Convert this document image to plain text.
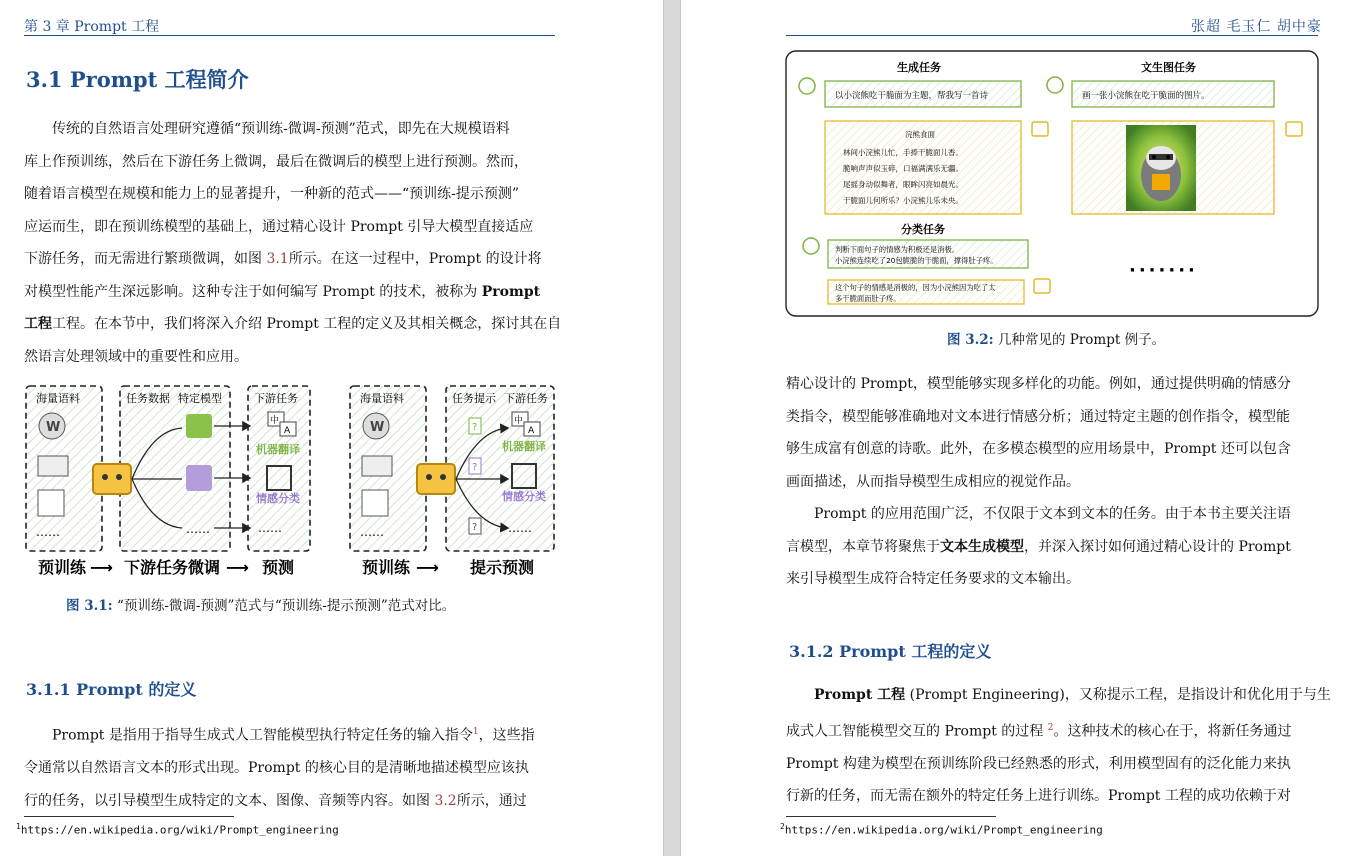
第 3 章 Prompt 工程
3.1 Prompt 工程简介
传统的自然语言处理研究遵循“预训练-微调-预测”范式，即先在大规模语料
库上作预训练，然后在下游任务上微调，最后在微调后的模型上进行预测。然而，
随着语言模型在规模和能力上的显著提升，一种新的范式——“预训练-提示预测”
应运而生，即在预训练模型的基础上，通过精心设计 Prompt 引导大模型直接适应
下游任务，而无需进行繁琐微调，如图 3.1所示。在这一过程中，Prompt 的设计将
对模型性能产生深远影响。这种专注于如何编写 Prompt 的技术，被称为 Prompt
工程工程。在本节中，我们将深入介绍 Prompt 工程的定义及其相关概念，探讨其在自
然语言处理领域中的重要性和应用。
海量语料	任务数据 特定模型	下游任务
W
……	……
中
A
机器翻译
情感分类
……
海量语料	任务提示 下游任务
W
……
?
?
?
中
A
机器翻译
情感分类
……
预训练 ⟶ 下游任务微调 ⟶ 预测	预训练 ⟶ 提示预测
图 3.1: “预训练-微调-预测”范式与“预训练-提示预测”范式对比。
3.1.1 Prompt 的定义
Prompt 是指用于指导生成式人工智能模型执行特定任务的输入指令$^1$，这些指
令通常以自然语言文本的形式出现。Prompt 的核心目的是清晰地描述模型应该执
行的任务，以引导模型生成特定的文本、图像、音频等内容。如图 3.2所示，通过
$^1$https://en.wikipedia.org/wiki/Prompt_engineering
张超 毛玉仁 胡中豪
生成任务	文生图任务
以小浣熊吃干脆面为主题，帮我写一首诗
浣熊食面
林间小浣熊儿忙，手捧干脆面儿香。
脆响声声似玉碎，口福满满乐无疆。
尾摇身动似舞者，眼眸闪亮如晨光。
干脆面儿何所乐？小浣熊儿乐未央。
画一张小浣熊在吃干脆面的图片。
分类任务
判断下面句子的情感为积极还是消极。
小浣熊连续吃了20包脆脆的干脆面，撑得肚子疼。
这个句子的情感是消极的，因为小浣熊因为吃了太
多干脆面而肚子疼。
·······
图 3.2: 几种常见的 Prompt 例子。
精心设计的 Prompt，模型能够实现多样化的功能。例如，通过提供明确的情感分
类指令，模型能够准确地对文本进行情感分析；通过特定主题的创作指令，模型能
够生成富有创意的诗歌。此外，在多模态模型的应用场景中，Prompt 还可以包含
画面描述，从而指导模型生成相应的视觉作品。
Prompt 的应用范围广泛，不仅限于文本到文本的任务。由于本书主要关注语
言模型，本章节将聚焦于文本生成模型，并深入探讨如何通过精心设计的 Prompt
来引导模型生成符合特定任务要求的文本输出。
3.1.2 Prompt 工程的定义
Prompt 工程 (Prompt Engineering)，又称提示工程，是指设计和优化用于与生
成式人工智能模型交互的 Prompt 的过程 $^2$。这种技术的核心在于，将新任务通过
Prompt 构建为模型在预训练阶段已经熟悉的形式，利用模型固有的泛化能力来执
行新的任务，而无需在额外的特定任务上进行训练。Prompt 工程的成功依赖于对
$^2$https://en.wikipedia.org/wiki/Prompt_engineering
